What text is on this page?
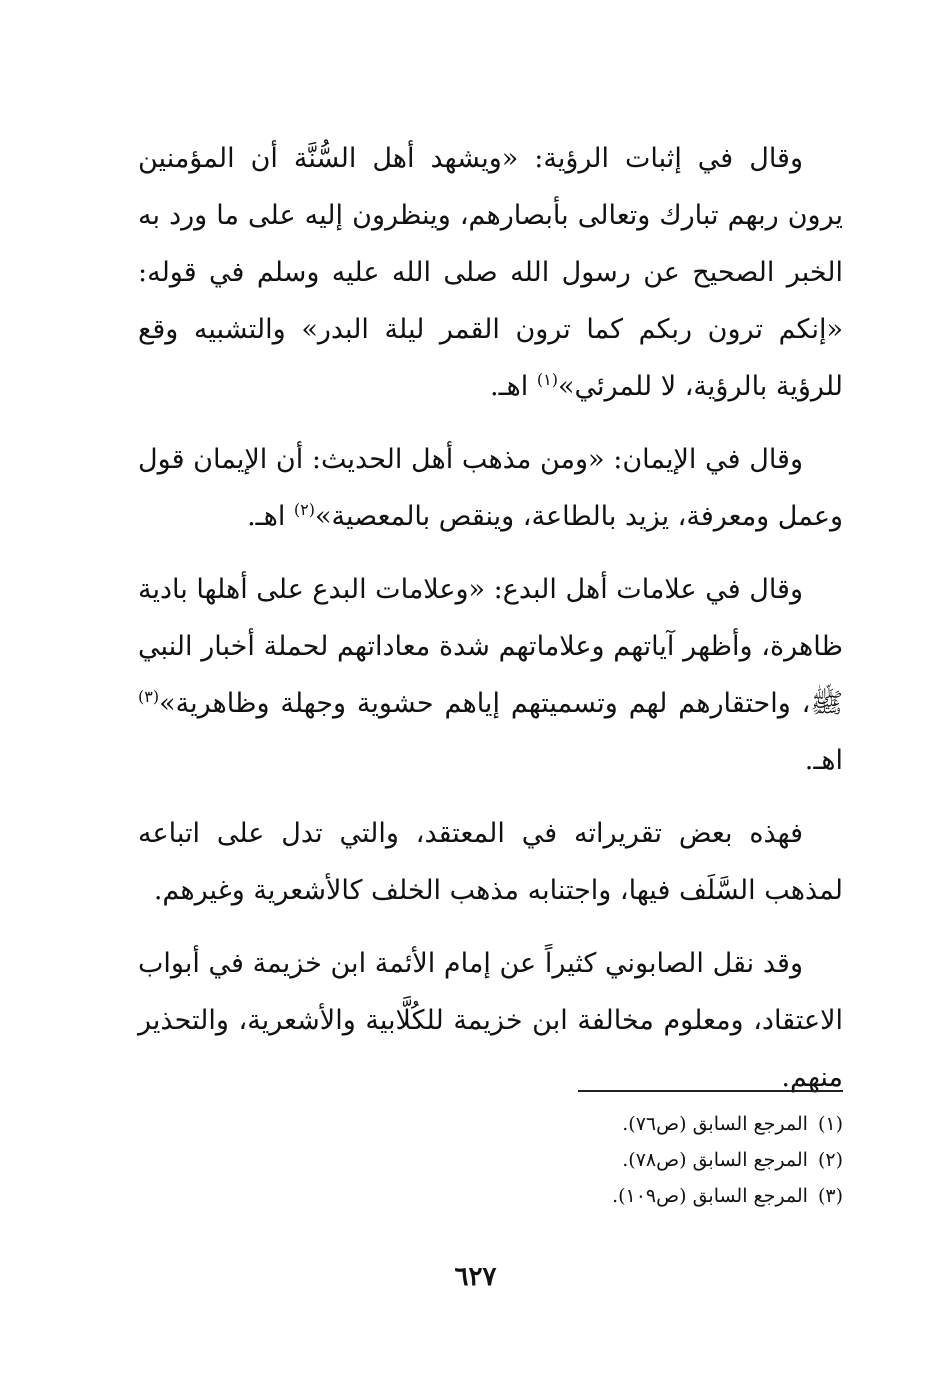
وقال في إثبات الرؤية: «ويشهد أهل السُّنَّة أن المؤمنين يرون ربهم تبارك وتعالى بأبصارهم، وينظرون إليه على ما ورد به الخبر الصحيح عن رسول الله صلى الله عليه وسلم في قوله: «إنكم ترون ربكم كما ترون القمر ليلة البدر» والتشبيه وقع للرؤية بالرؤية، لا للمرئي»$^{(١)}$ اهـ.

وقال في الإيمان: «ومن مذهب أهل الحديث: أن الإيمان قول وعمل ومعرفة، يزيد بالطاعة، وينقص بالمعصية»$^{(٢)}$ اهـ.

وقال في علامات أهل البدع: «وعلامات البدع على أهلها بادية ظاهرة، وأظهر آياتهم وعلاماتهم شدة معاداتهم لحملة أخبار النبي ﷺ، واحتقارهم لهم وتسميتهم إياهم حشوية وجهلة وظاهرية»$^{(٣)}$ اهـ.

فهذه بعض تقريراته في المعتقد، والتي تدل على اتباعه لمذهب السَّلَف فيها، واجتنابه مذهب الخلف كالأشعرية وغيرهم.

وقد نقل الصابوني كثيراً عن إمام الأئمة ابن خزيمة في أبواب الاعتقاد، ومعلوم مخالفة ابن خزيمة للكُلَّابية والأشعرية، والتحذير منهم.

(١)المرجع السابق (ص٧٦).
(٢)المرجع السابق (ص٧٨).
(٣)المرجع السابق (ص١٠٩).
٦٢٧
